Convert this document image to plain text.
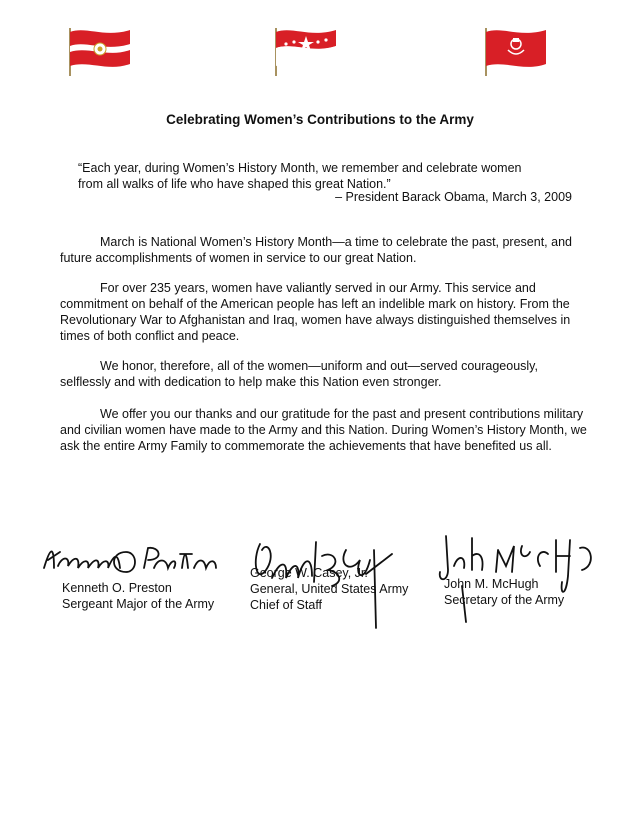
Celebrating Women’s Contributions to the Army
“Each year, during Women’s History Month, we remember and celebrate women
from all walks of life who have shaped this great Nation.”
– President Barack Obama, March 3, 2009

March is National Women’s History Month—a time to celebrate the past, present, and future accomplishments of women in service to our great Nation.

For over 235 years, women have valiantly served in our Army. This service and commitment on behalf of the American people has left an indelible mark on history. From the Revolutionary War to Afghanistan and Iraq, women have always distinguished themselves in times of both conflict and peace.

We honor, therefore, all of the women—uniform and out—served courageously, selflessly and with dedication to help make this Nation even stronger.

We offer you our thanks and our gratitude for the past and present contributions military and civilian women have made to the Army and this Nation. During Women’s History Month, we ask the entire Army Family to commemorate the achievements that have benefited us all.

Kenneth O. Preston
Sergeant Major of the Army
George W. Casey, Jr.
General, United States Army
Chief of Staff
John M. McHugh
Secretary of the Army
